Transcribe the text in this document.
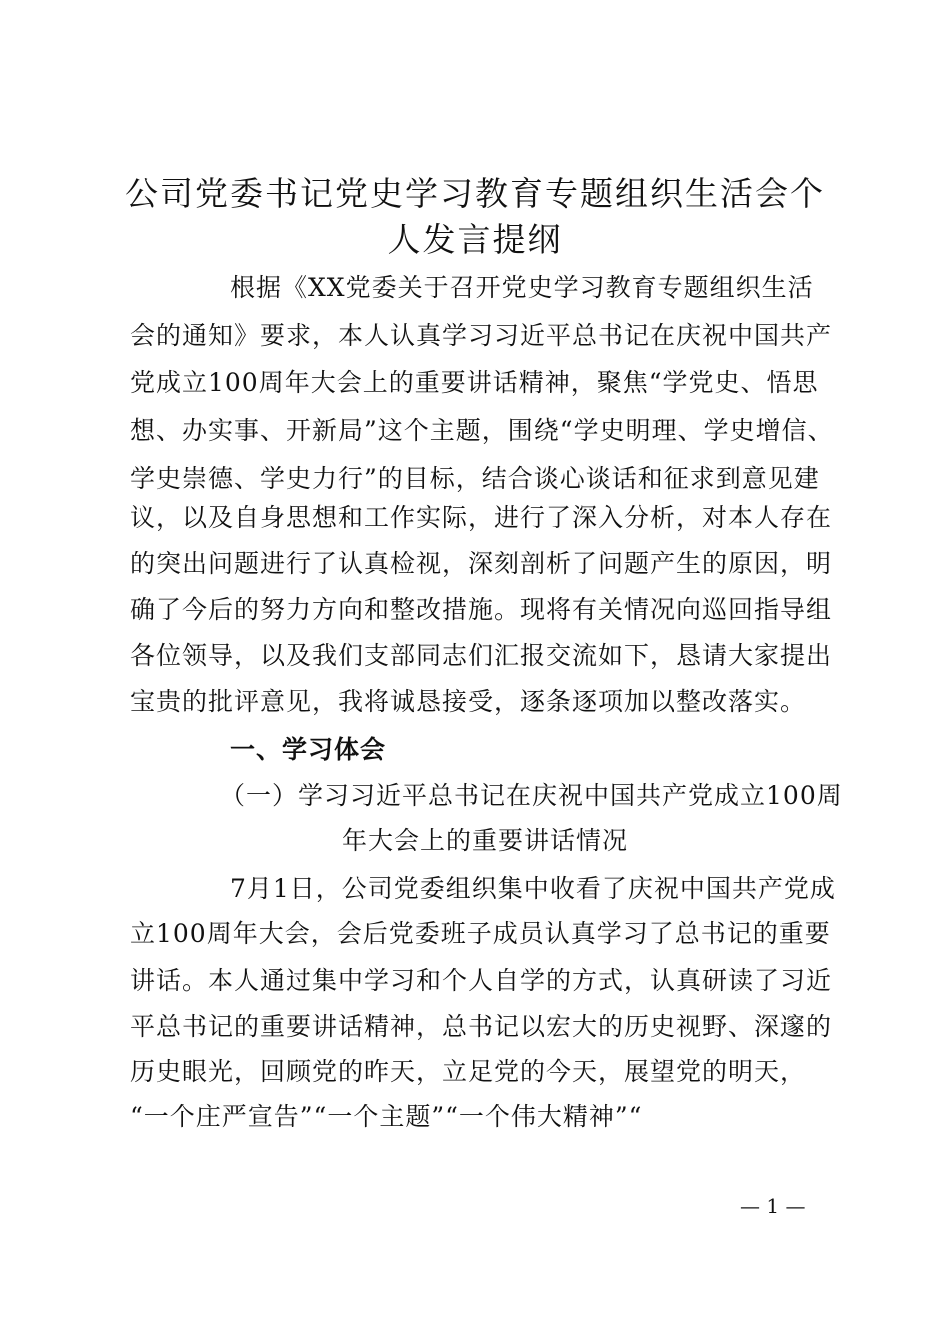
公司党委书记党史学习教育专题组织生活会个
人发言提纲
根据《XX党委关于召开党史学习教育专题组织生活
会的通知》要求，本人认真学习习近平总书记在庆祝中国共产
党成立100周年大会上的重要讲话精神，聚焦“学党史、悟思
想、办实事、开新局”这个主题，围绕“学史明理、学史增信、
学史崇德、学史力行”的目标，结合谈心谈话和征求到意见建
议，以及自身思想和工作实际，进行了深入分析，对本人存在
的突出问题进行了认真检视，深刻剖析了问题产生的原因，明
确了今后的努力方向和整改措施。现将有关情况向巡回指导组
各位领导，以及我们支部同志们汇报交流如下，恳请大家提出
宝贵的批评意见，我将诚恳接受，逐条逐项加以整改落实。
一、学习体会
（一）学习习近平总书记在庆祝中国共产党成立100周
年大会上的重要讲话情况
7月1日，公司党委组织集中收看了庆祝中国共产党成
立100周年大会，会后党委班子成员认真学习了总书记的重要
讲话。本人通过集中学习和个人自学的方式，认真研读了习近
平总书记的重要讲话精神，总书记以宏大的历史视野、深邃的
历史眼光，回顾党的昨天，立足党的今天，展望党的明天，
“一个庄严宣告”“一个主题”“一个伟大精神”“
— 1 —
